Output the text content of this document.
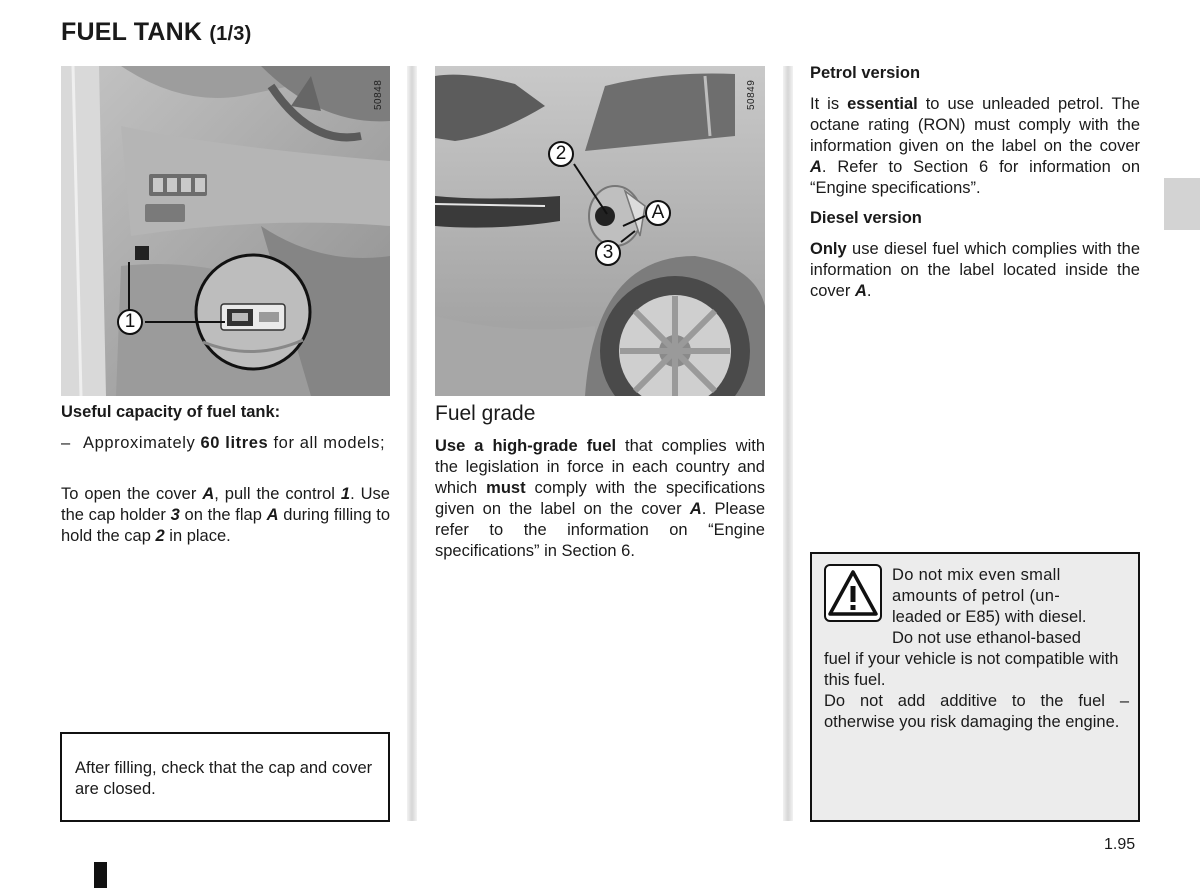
FUEL TANK (1/3)
1
50848
2
A
3
50849
Useful capacity of fuel tank:
– Approximately 60 litres for all models;
To open the cover A, pull the control 1. Use the cap holder 3 on the flap A during filling to hold the cap 2 in place.
After filling, check that the cap and cover are closed.
Fuel grade
Use a high-grade fuel that complies with the legislation in force in each country and which must comply with the specifications given on the label on the cover A. Please refer to the information on “Engine specifications” in Section 6.
Petrol version
It is essential to use unleaded petrol. The octane rating (RON) must comply with the information given on the label on the cover A. Refer to Section 6 for information on “Engine specifications”.
Diesel version
Only use diesel fuel which complies with the information on the label located inside the cover A.
Do not mix even small
amounts of petrol (un-
leaded or E85) with diesel.
Do not use ethanol-based
fuel if your vehicle is not compatible with this fuel.
Do not add additive to the fuel – otherwise you risk damaging the engine.
1.95
